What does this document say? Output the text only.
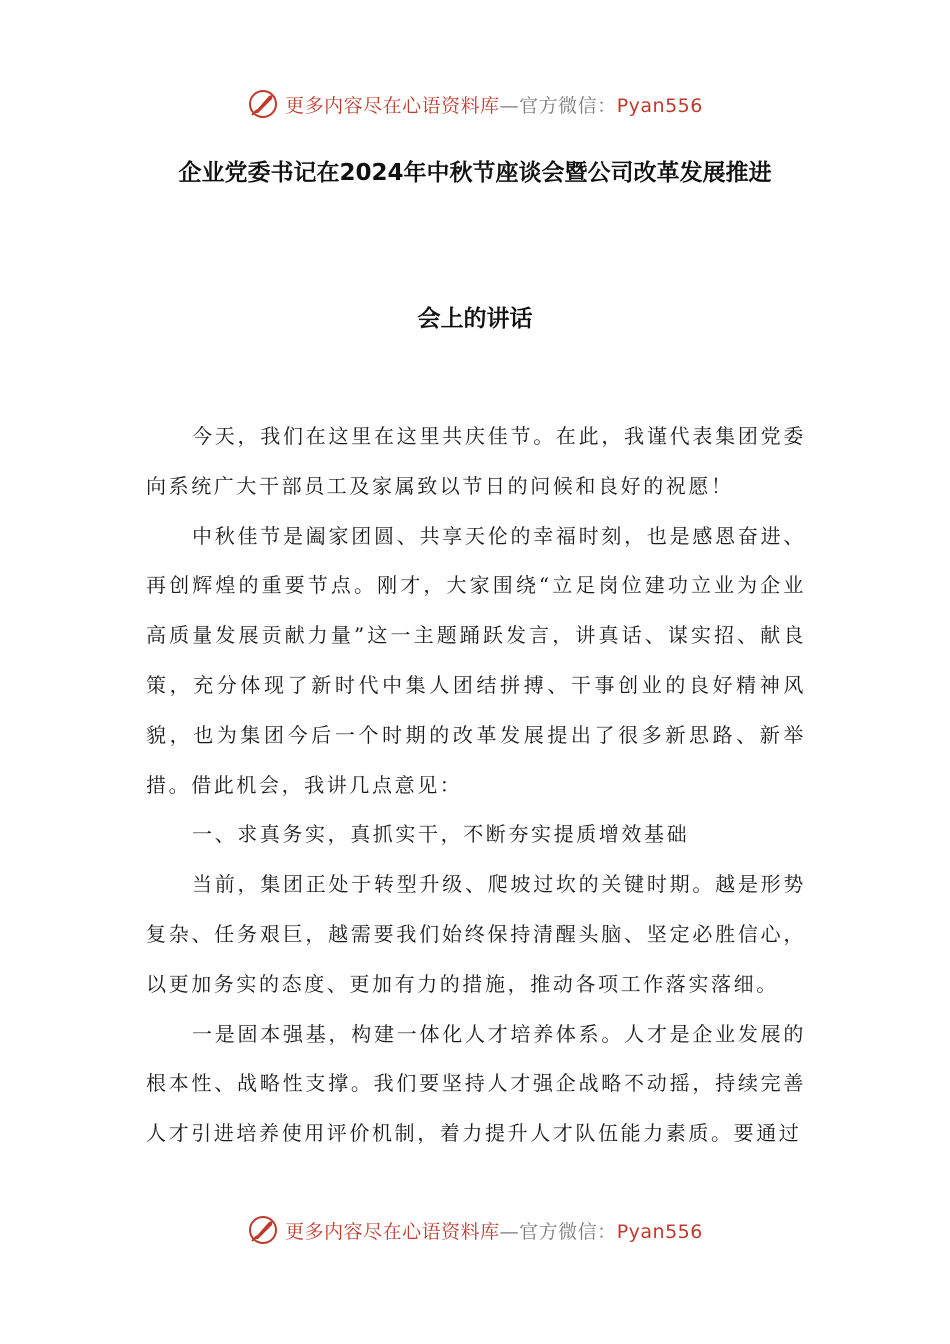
更多内容尽在心语资料库—官方微信：Pyan556
企业党委书记在2024年中秋节座谈会暨公司改革发展推进
会上的讲话

今天，我们在这里在这里共庆佳节。在此，我谨代表集团党委向系统广大干部员工及家属致以节日的问候和良好的祝愿！

中秋佳节是阖家团圆、共享天伦的幸福时刻，也是感恩奋进、再创辉煌的重要节点。刚才，大家围绕“立足岗位建功立业为企业高质量发展贡献力量”这一主题踊跃发言，讲真话、谋实招、献良策，充分体现了新时代中集人团结拼搏、干事创业的良好精神风貌，也为集团今后一个时期的改革发展提出了很多新思路、新举措。借此机会，我讲几点意见：

一、求真务实，真抓实干，不断夯实提质增效基础

当前，集团正处于转型升级、爬坡过坎的关键时期。越是形势复杂、任务艰巨，越需要我们始终保持清醒头脑、坚定必胜信心，以更加务实的态度、更加有力的措施，推动各项工作落实落细。

一是固本强基，构建一体化人才培养体系。人才是企业发展的根本性、战略性支撑。我们要坚持人才强企战略不动摇，持续完善人才引进培养使用评价机制，着力提升人才队伍能力素质。要通过

更多内容尽在心语资料库—官方微信：Pyan556
